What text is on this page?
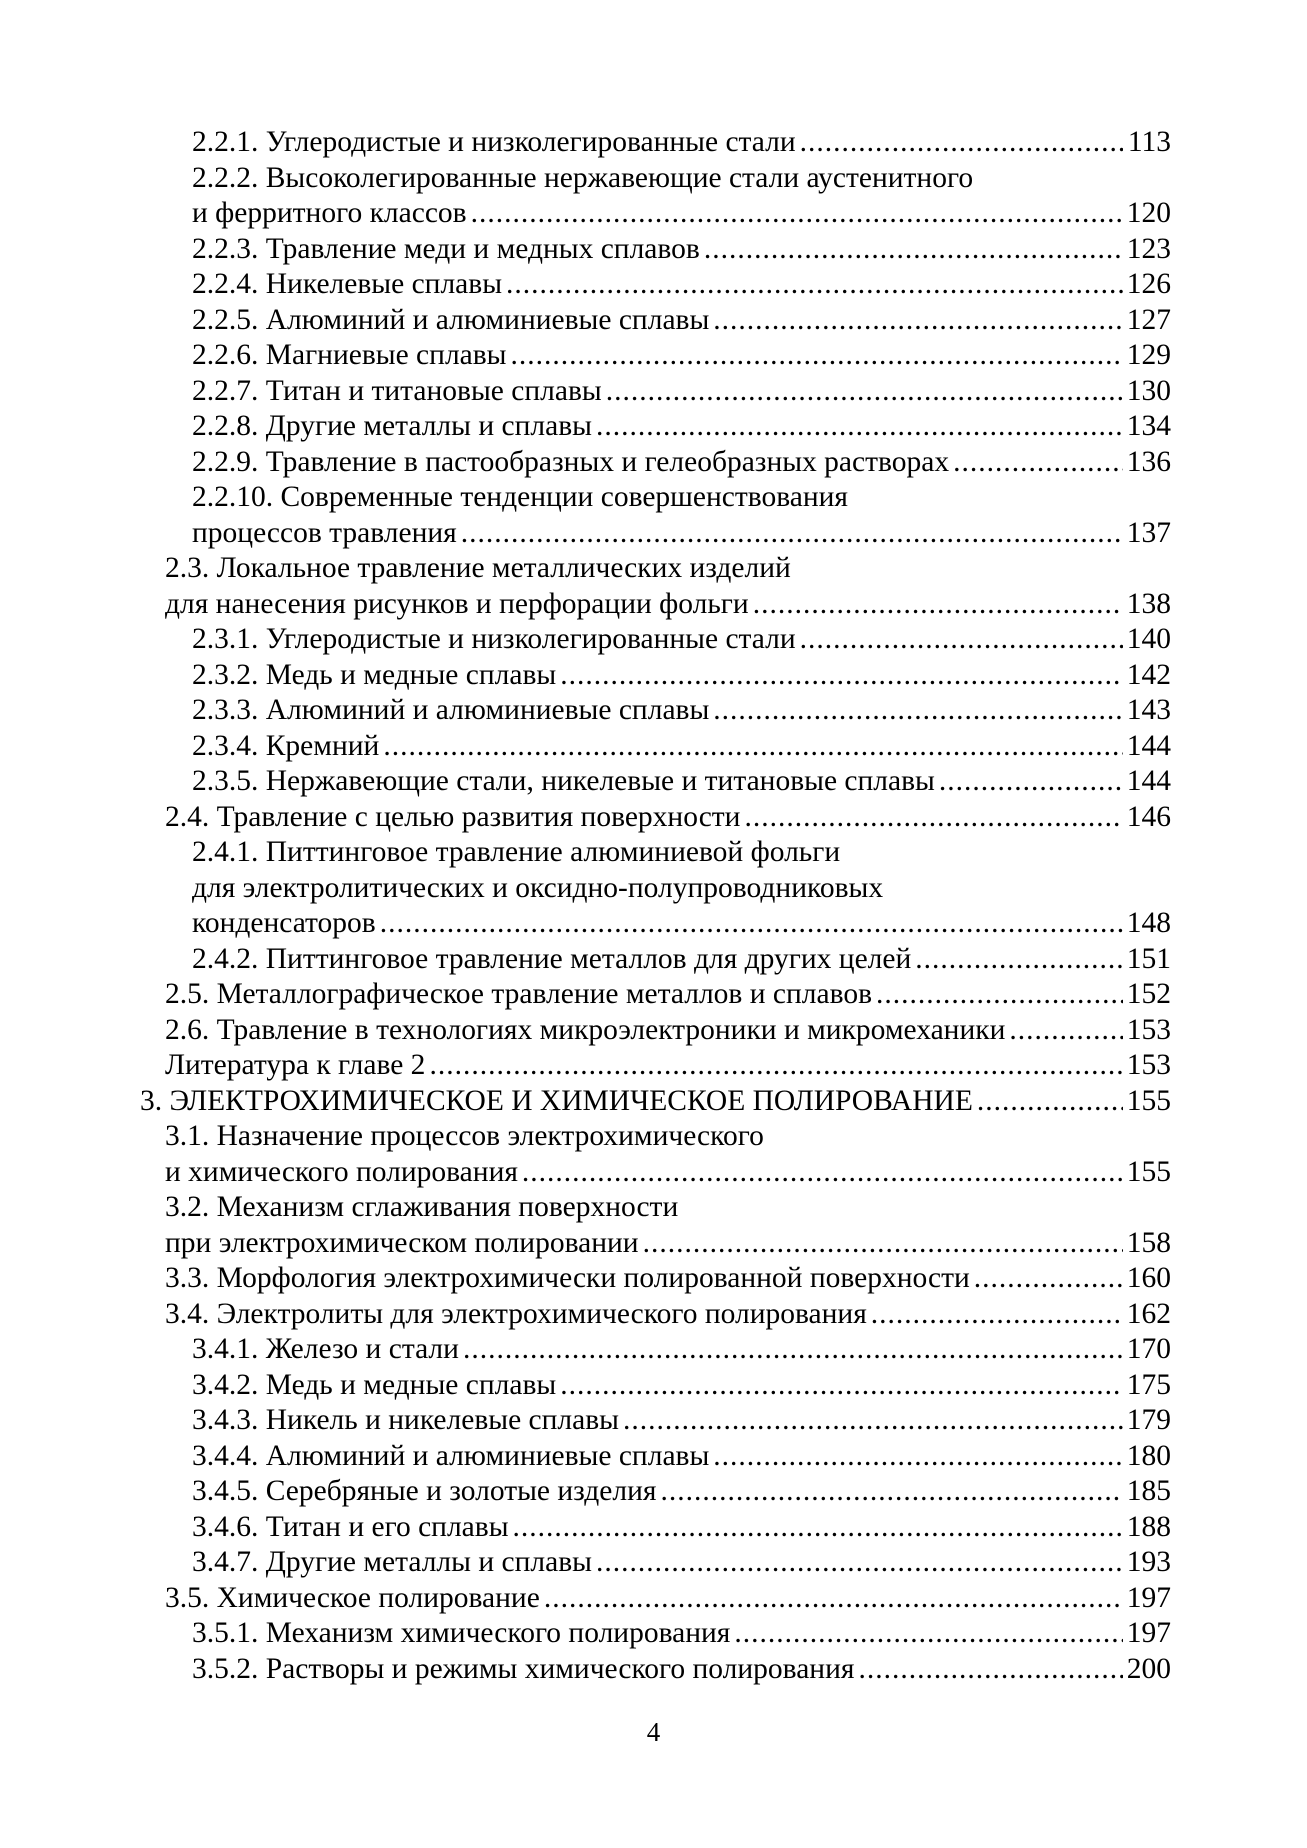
2.2.1. Углеродистые и низколегированные стали .....	113
2.2.2. Высоколегированные нержавеющие стали аустенитного
и ферритного классов .....	120
2.2.3. Травление меди и медных сплавов .....	123
2.2.4. Никелевые сплавы .....	126
2.2.5. Алюминий и алюминиевые сплавы .....	127
2.2.6. Магниевые сплавы .....	129
2.2.7. Титан и титановые сплавы .....	130
2.2.8. Другие металлы и сплавы .....	134
2.2.9. Травление в пастообразных и гелеобразных растворах .....	136
2.2.10. Современные тенденции совершенствования
процессов травления .....	137
2.3. Локальное травление металлических изделий
для нанесения рисунков и перфорации фольги .....	138
2.3.1. Углеродистые и низколегированные стали .....	140
2.3.2. Медь и медные сплавы .....	142
2.3.3. Алюминий и алюминиевые сплавы .....	143
2.3.4. Кремний .....	144
2.3.5. Нержавеющие стали, никелевые и титановые сплавы .....	144
2.4. Травление с целью развития поверхности .....	146
2.4.1. Питтинговое травление алюминиевой фольги
для электролитических и оксидно-полупроводниковых
конденсаторов .....	148
2.4.2. Питтинговое травление металлов для других целей .....	151
2.5. Металлографическое травление металлов и сплавов .....	152
2.6. Травление в технологиях микроэлектроники и микромеханики .....	153
Литература к главе 2 .....	153
3. ЭЛЕКТРОХИМИЧЕСКОЕ И ХИМИЧЕСКОЕ ПОЛИРОВАНИЕ .....	155
3.1. Назначение процессов электрохимического
и химического полирования .....	155
3.2. Механизм сглаживания поверхности
при электрохимическом полировании .....	158
3.3. Морфология электрохимически полированной поверхности .....	160
3.4. Электролиты для электрохимического полирования .....	162
3.4.1. Железо и стали .....	170
3.4.2. Медь и медные сплавы .....	175
3.4.3. Никель и никелевые сплавы .....	179
3.4.4. Алюминий и алюминиевые сплавы .....	180
3.4.5. Серебряные и золотые изделия .....	185
3.4.6. Титан и его сплавы .....	188
3.4.7. Другие металлы и сплавы .....	193
3.5. Химическое полирование .....	197
3.5.1. Механизм химического полирования .....	197
3.5.2. Растворы и режимы химического полирования .....	200
4
